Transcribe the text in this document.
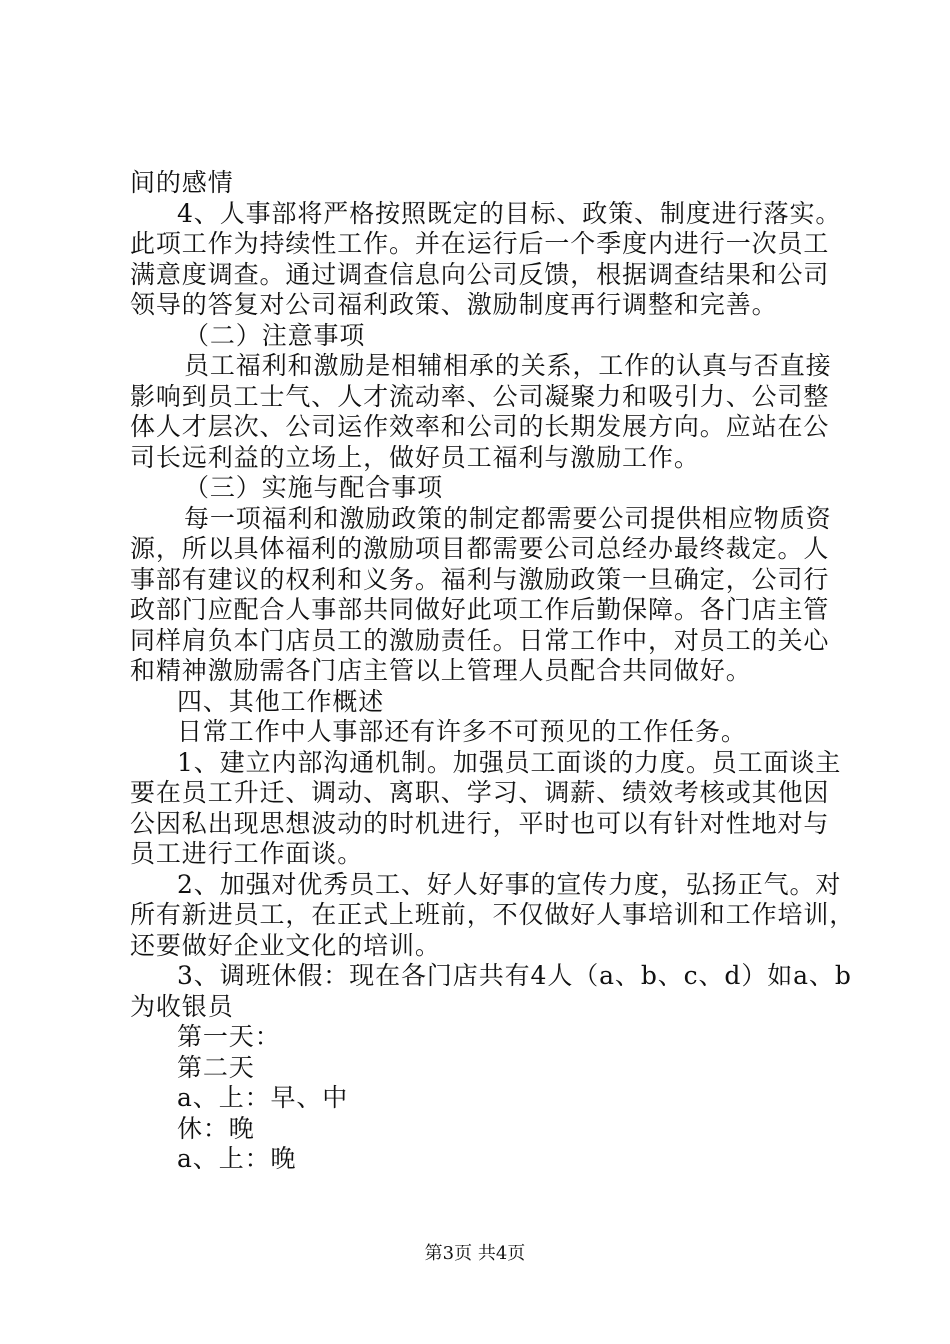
间的感情
4、人事部将严格按照既定的目标、政策、制度进行落实。
此项工作为持续性工作。并在运行后一个季度内进行一次员工
满意度调查。通过调查信息向公司反馈，根据调查结果和公司
领导的答复对公司福利政策、激励制度再行调整和完善。
（二）注意事项
员工福利和激励是相辅相承的关系，工作的认真与否直接
影响到员工士气、人才流动率、公司凝聚力和吸引力、公司整
体人才层次、公司运作效率和公司的长期发展方向。应站在公
司长远利益的立场上，做好员工福利与激励工作。
（三）实施与配合事项
每一项福利和激励政策的制定都需要公司提供相应物质资
源，所以具体福利的激励项目都需要公司总经办最终裁定。人
事部有建议的权利和义务。福利与激励政策一旦确定，公司行
政部门应配合人事部共同做好此项工作后勤保障。各门店主管
同样肩负本门店员工的激励责任。日常工作中，对员工的关心
和精神激励需各门店主管以上管理人员配合共同做好。
四、其他工作概述
日常工作中人事部还有许多不可预见的工作任务。
1、建立内部沟通机制。加强员工面谈的力度。员工面谈主
要在员工升迁、调动、离职、学习、调薪、绩效考核或其他因
公因私出现思想波动的时机进行，平时也可以有针对性地对与
员工进行工作面谈。
2、加强对优秀员工、好人好事的宣传力度，弘扬正气。对
所有新进员工，在正式上班前，不仅做好人事培训和工作培训，
还要做好企业文化的培训。
3、调班休假：现在各门店共有4人（a、b、c、d）如a、b
为收银员
第一天：
第二天
a、上：早、中
休：晚
a、上：晚
第3页 共4页
